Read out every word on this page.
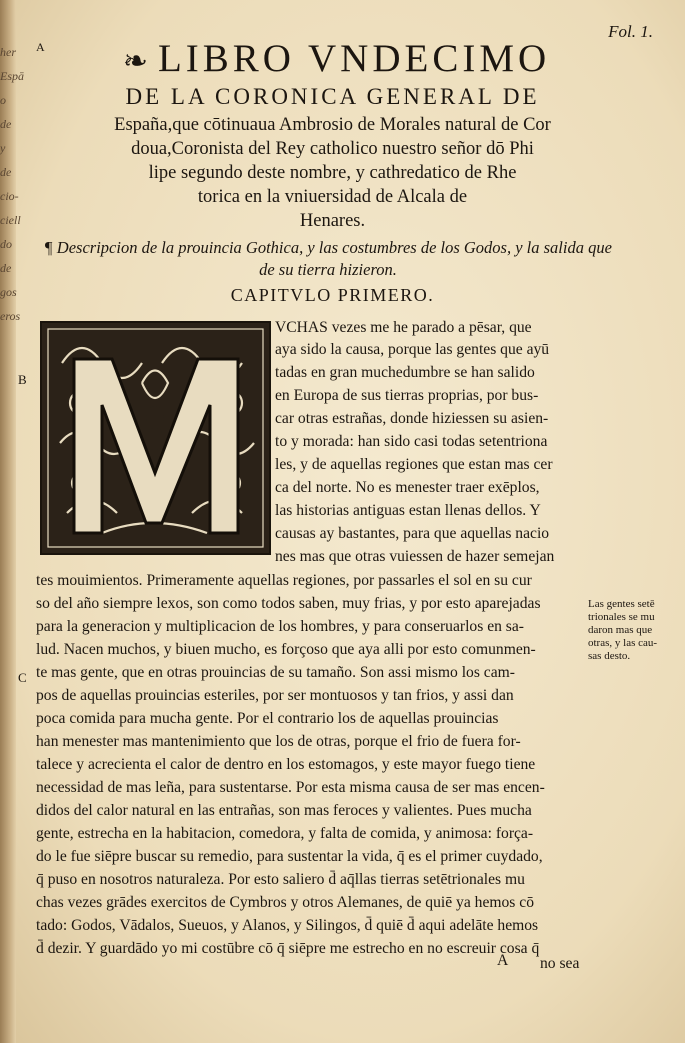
her
Espā
o de
y de
cio-
ciell
do
de
gos
eros
Fol. 1.
A	❧ LIBRO VNDECIMO
DE LA CORONICA GENERAL DE
España,que cōtinuaua Ambrosio de Morales natural de Cor
doua,Coronista del Rey catholico nuestro señor dō Phi
lipe segundo deste nombre, y cathredatico de Rhe
torica en la vniuersidad de Alcala de
Henares.
¶ Descripcion de la prouincia Gothica, y las costumbres de los Godos, y la salida que
de su tierra hizieron.
CAPITVLO PRIMERO.
VCHAS vezes me he parado a pēsar, que
aya sido la causa, porque las gentes que ayū
tadas en gran muchedumbre se han salido
en Europa de sus tierras proprias, por bus-
car otras estrañas, donde hiziessen su asien-
to y morada: han sido casi todas setentriona
les, y de aquellas regiones que estan mas cer
ca del norte. No es menester traer exēplos,
las historias antiguas estan llenas dellos. Y
causas ay bastantes, para que aquellas nacio
nes mas que otras vuiessen de hazer semejan
tes mouimientos. Primeramente aquellas regiones, por passarles el sol en su cur
so del año siempre lexos, son como todos saben, muy frias, y por esto aparejadas
para la generacion y multiplicacion de los hombres, y para conseruarlos en sa-
lud. Nacen muchos, y biuen mucho, es forçoso que aya alli por esto comunmen-
te mas gente, que en otras prouincias de su tamaño. Son assi mismo los cam-
pos de aquellas prouincias esteriles, por ser montuosos y tan frios, y assi dan
poca comida para mucha gente. Por el contrario los de aquellas prouincias
han menester mas mantenimiento que los de otras, porque el frio de fuera for-
talece y acrecienta el calor de dentro en los estomagos, y este mayor fuego tiene
necessidad de mas leña, para sustentarse. Por esta misma causa de ser mas encen-
didos del calor natural en las entrañas, son mas feroces y valientes. Pues mucha
gente, estrecha en la habitacion, comedora, y falta de comida, y animosa: força-
do le fue siēpre buscar su remedio, para sustentar la vida, q̄ es el primer cuydado,
q̄ puso en nosotros naturaleza. Por esto saliero d̄ aq̄llas tierras setētrionales mu
chas vezes grādes exercitos de Cymbros y otros Alemanes, de quiē ya hemos cō
tado: Godos, Vādalos, Sueuos, y Alanos, y Silingos, d̄ quiē d̄ aqui adelāte hemos
d̄ dezir. Y guardādo yo mi costūbre cō q̄ siēpre me estrecho en no escreuir cosa q̄
B
C
Las gentes setē
trionales se mu
daron mas que
otras, y las cau-
sas desto.
A no sea
